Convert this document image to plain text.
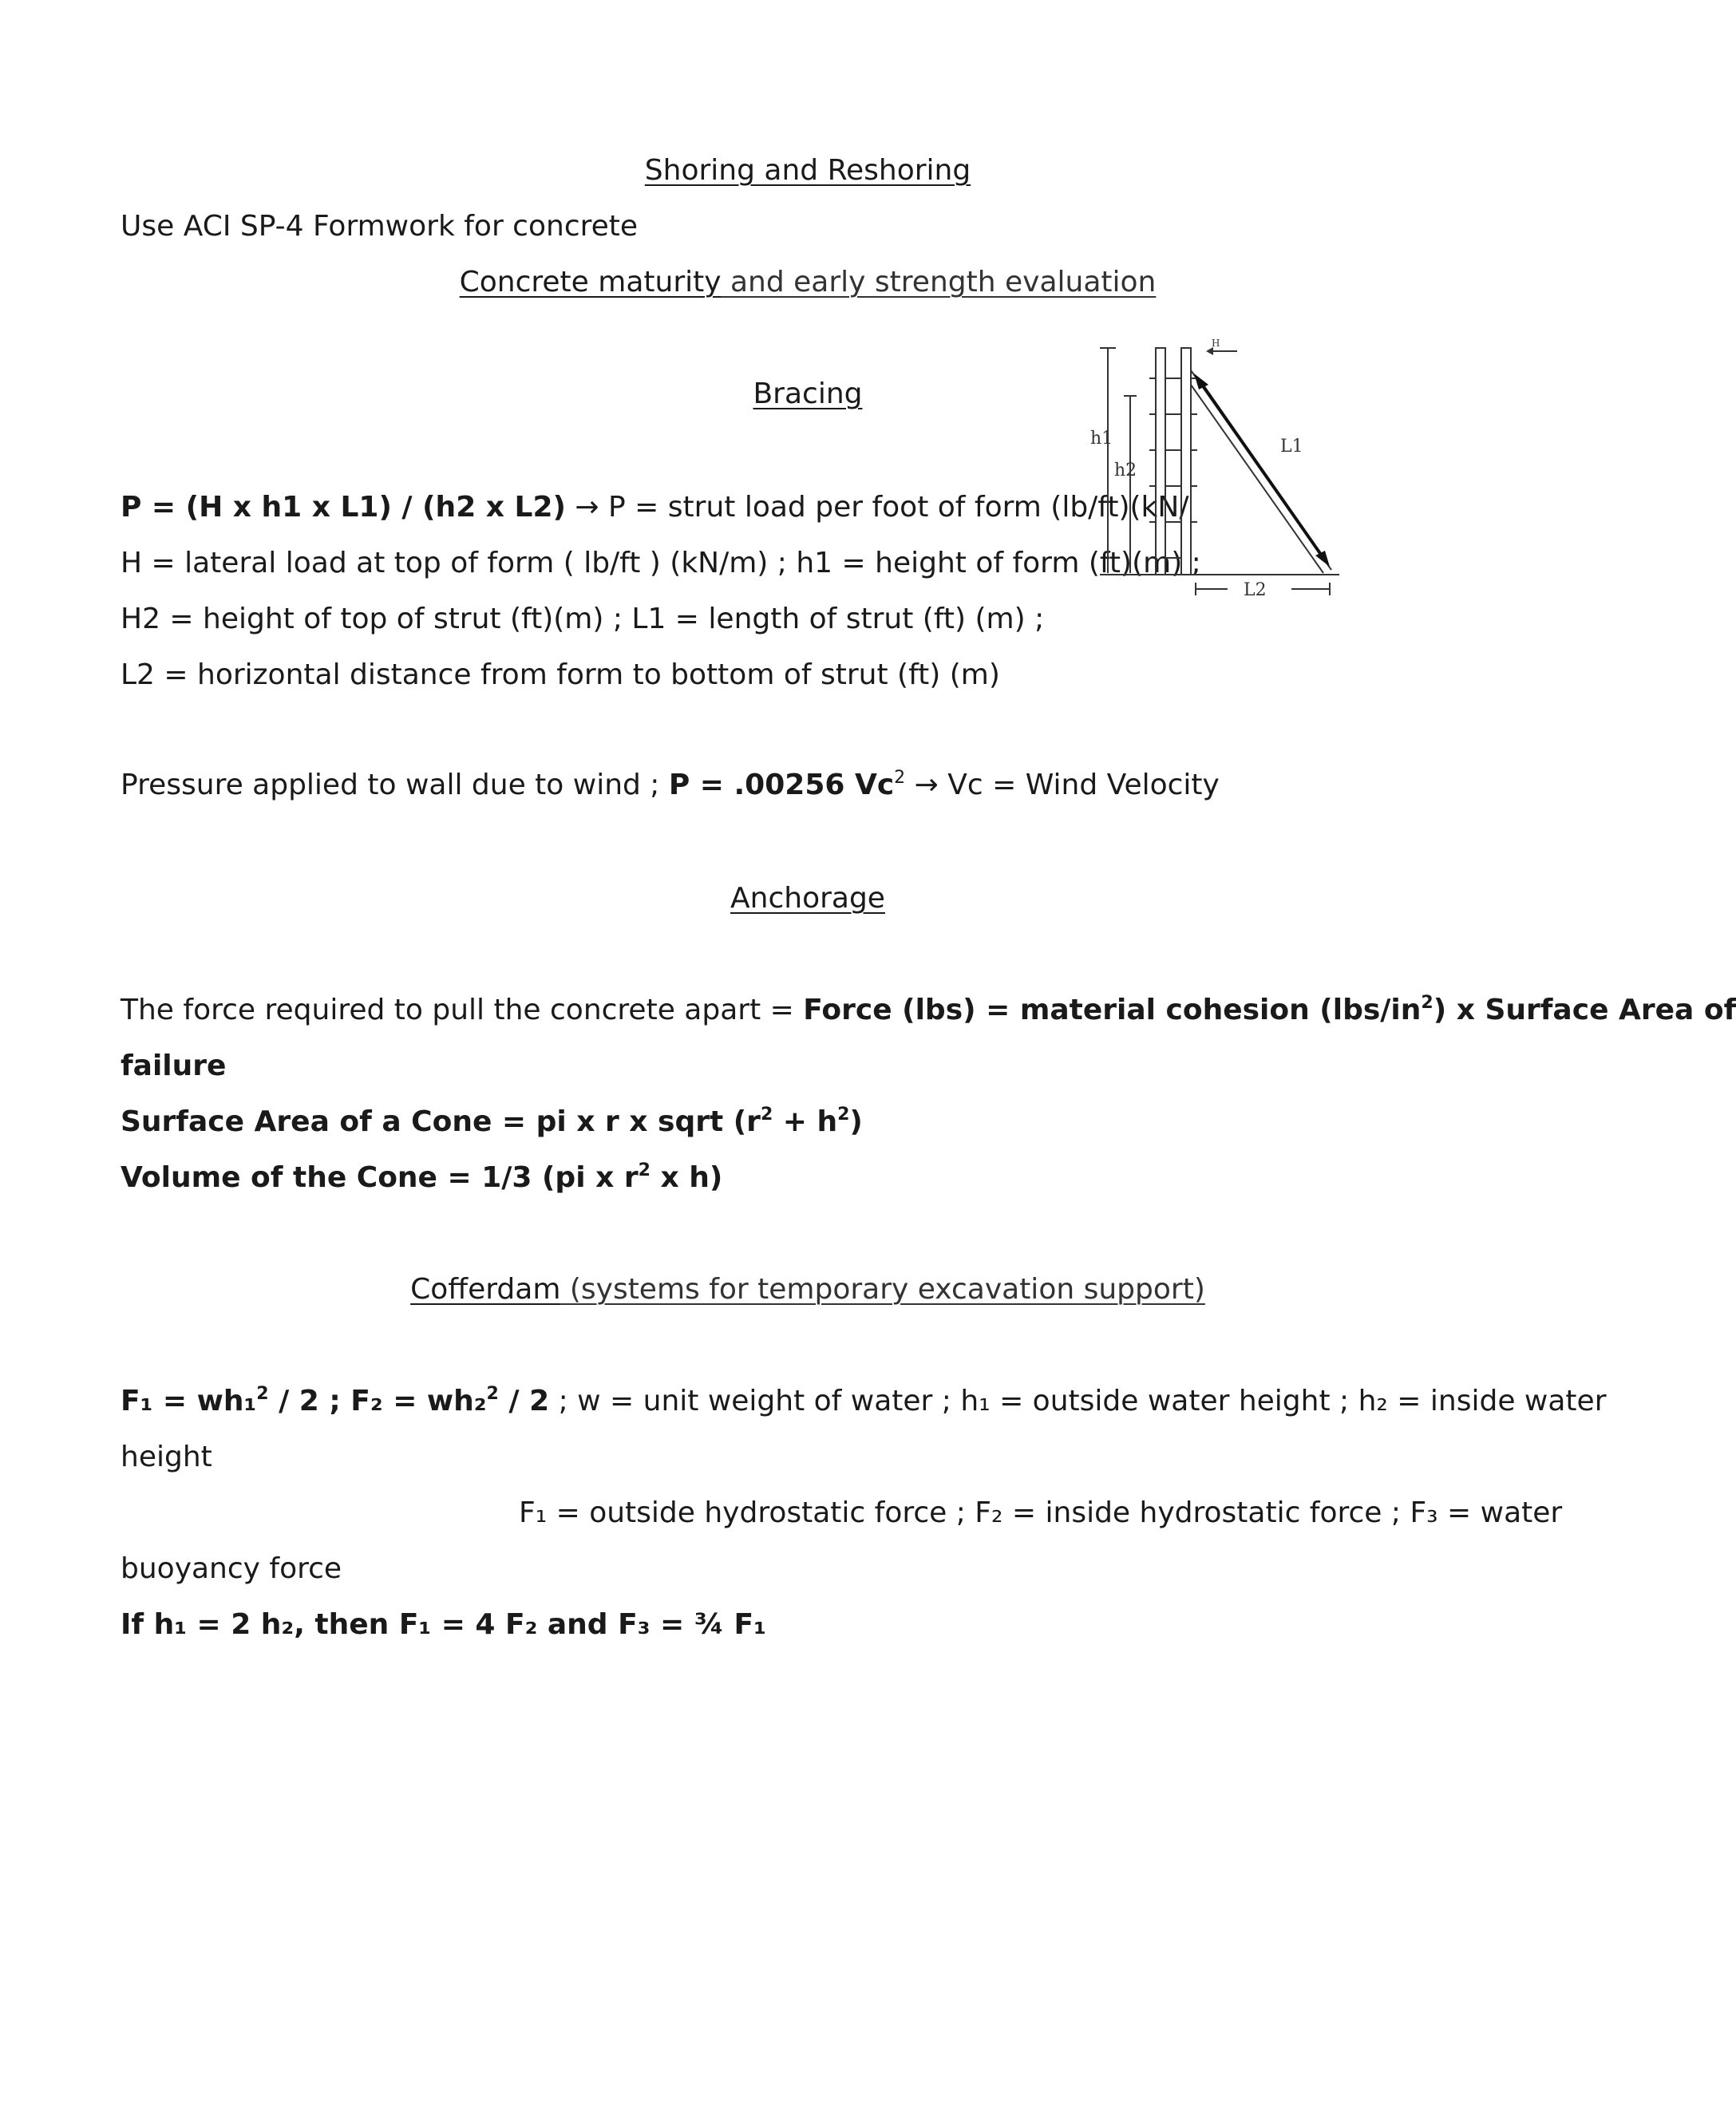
Shoring and Reshoring
Use ACI SP-4 Formwork for concrete
Concrete maturity and early strength evaluation
Bracing
P = (H x h1 x L1) / (h2 x L2) → P = strut load per foot of form (lb/ft)(kN/
H = lateral load at top of form ( lb/ft ) (kN/m) ; h1 = height of form (ft)(m) ;
H2 = height of top of strut (ft)(m) ; L1 = length of strut (ft) (m) ;
L2 = horizontal distance from form to bottom of strut (ft) (m)
Pressure applied to wall due to wind ; P = .00256 $Vc^2 \to Vc$ = Wind Velocity
H
h1
h2
L1
L2
Anchorage
The force required to pull the concrete apart = Force (lbs) = material cohesion $(lbs/in^2)$ x Surface Area of
failure
Surface Area of a Cone = pi x r x sqrt $(r^2 + h^2)$
Volume of the Cone = 1/3 (pi x $r^2$ x h)
Cofferdam (systems for temporary excavation support)
F₁ = wh₁$^2$ / 2 ; F₂ = wh₂$^2$ / 2 ; w = unit weight of water ; h₁ = outside water height ; h₂ = inside water
height
F₁ = outside hydrostatic force ; F₂ = inside hydrostatic force ; F₃ = water
buoyancy force
If h₁ = 2 h₂, then F₁ = 4 F₂ and F₃ = ¾ F₁
